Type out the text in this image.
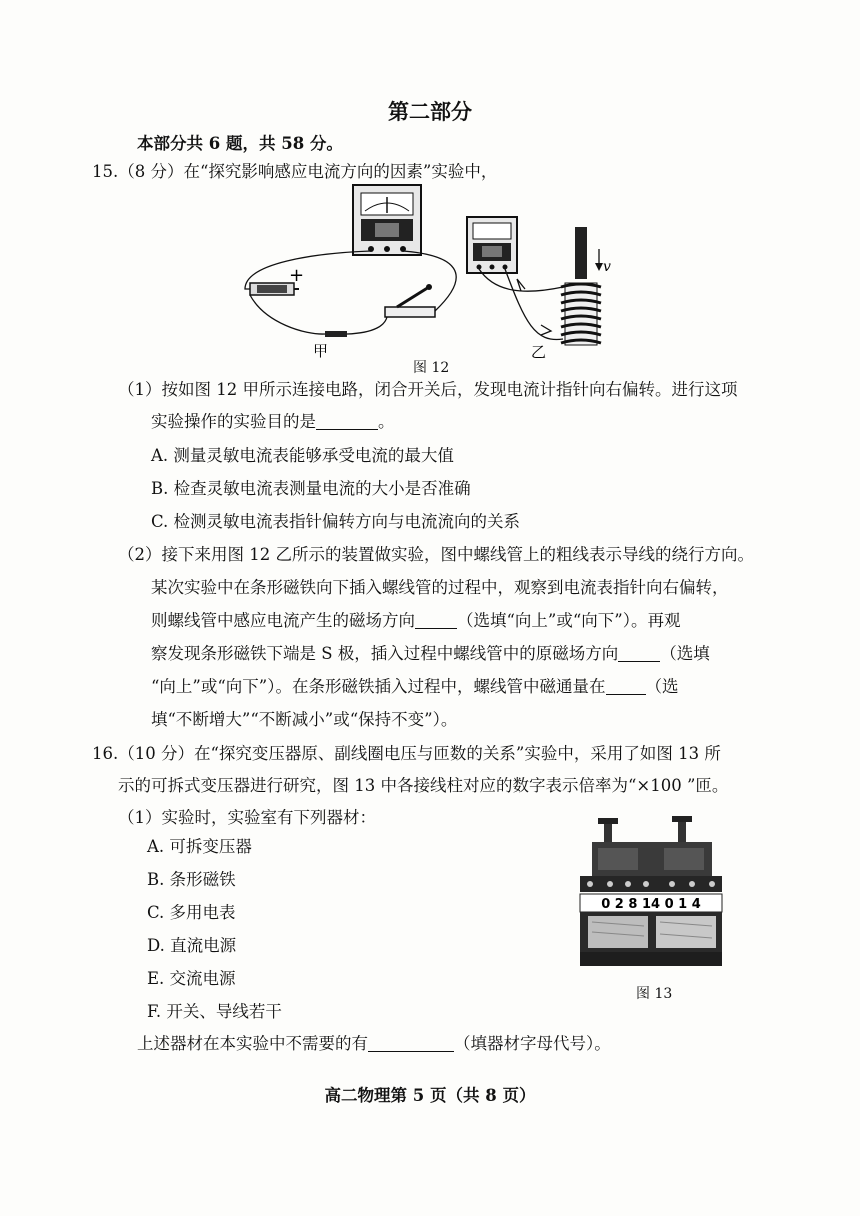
第二部分
本部分共 6 题，共 58 分。
15.（8 分）在“探究影响感应电流方向的因素”实验中，
+
甲
v
乙
图 12
（1）按如图 12 甲所示连接电路，闭合开关后，发现电流计指针向右偏转。进行这项
实验操作的实验目的是	。
A. 测量灵敏电流表能够承受电流的最大值
B. 检查灵敏电流表测量电流的大小是否准确
C. 检测灵敏电流表指针偏转方向与电流流向的关系
（2）接下来用图 12 乙所示的装置做实验，图中螺线管上的粗线表示导线的绕行方向。
某次实验中在条形磁铁向下插入螺线管的过程中，观察到电流表指针向右偏转，
则螺线管中感应电流产生的磁场方向	（选填“向上”或“向下”）。再观
察发现条形磁铁下端是 S 极，插入过程中螺线管中的原磁场方向	（选填
“向上”或“向下”）。在条形磁铁插入过程中，螺线管中磁通量在 （选
填“不断增大”“不断减小”或“保持不变”）。
16.（10 分）在“探究变压器原、副线圈电压与匝数的关系”实验中，采用了如图 13 所
示的可拆式变压器进行研究，图 13 中各接线柱对应的数字表示倍率为“×100 ”匝。
（1）实验时，实验室有下列器材：
A. 可拆变压器
B. 条形磁铁
C. 多用电表
D. 直流电源
E. 交流电源
F. 开关、导线若干
0 2 8 14 0 1 4
图 13
上述器材在本实验中不需要的有	（填器材字母代号）。
高二物理第 5 页（共 8 页）
